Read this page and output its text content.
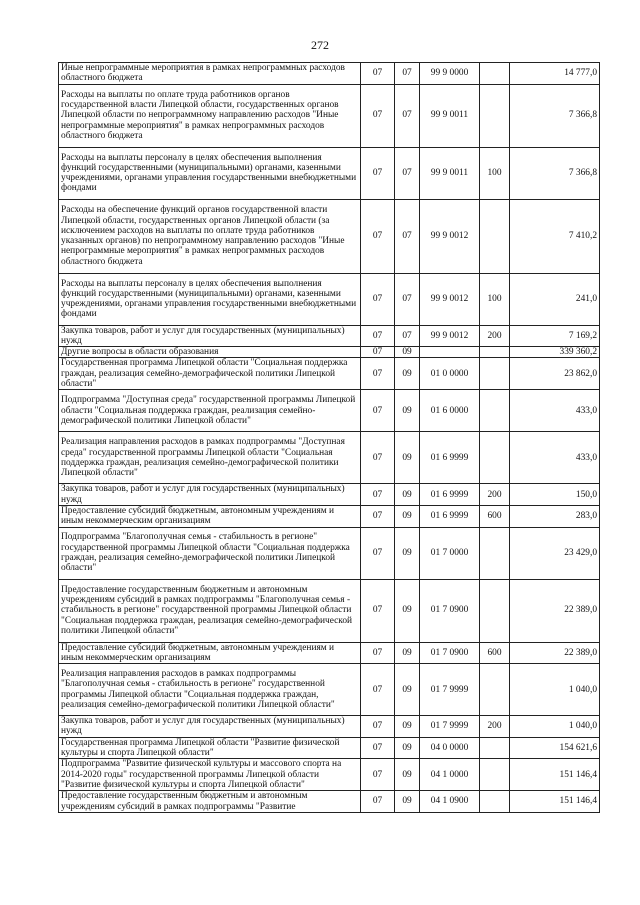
272
Иные непрограммные мероприятия в рамках непрограммных расходов областного бюджета	07	07	99 9 0000		14 777,0
Расходы на выплаты по оплате труда работников органов государственной власти Липецкой области, государственных органов Липецкой области по непрограммному направлению расходов "Иные непрограммные мероприятия" в рамках непрограммных расходов областного бюджета	07	07	99 9 0011		7 366,8
Расходы на выплаты персоналу в целях обеспечения выполнения функций государственными (муниципальными) органами, казенными учреждениями, органами управления государственными внебюджетными фондами	07	07	99 9 0011	100	7 366,8
Расходы на обеспечение функций органов государственной власти Липецкой области, государственных органов Липецкой области (за исключением расходов на выплаты по оплате труда работников указанных органов) по непрограммному направлению расходов "Иные непрограммные мероприятия" в рамках непрограммных расходов областного бюджета	07	07	99 9 0012		7 410,2
Расходы на выплаты персоналу в целях обеспечения выполнения функций государственными (муниципальными) органами, казенными учреждениями, органами управления государственными внебюджетными фондами	07	07	99 9 0012	100	241,0
Закупка товаров, работ и услуг для государственных (муниципальных) нужд	07	07	99 9 0012	200	7 169,2
Другие вопросы в области образования	07	09			339 360,2
Государственная программа Липецкой области "Социальная поддержка граждан, реализация семейно-демографической политики Липецкой области"	07	09	01 0 0000		23 862,0
Подпрограмма "Доступная среда" государственной программы Липецкой области "Социальная поддержка граждан, реализация семейно-демографической политики Липецкой области"	07	09	01 6 0000		433,0
Реализация направления расходов в рамках подпрограммы "Доступная среда" государственной программы Липецкой области "Социальная поддержка граждан, реализация семейно-демографической политики Липецкой области"	07	09	01 6 9999		433,0
Закупка товаров, работ и услуг для государственных (муниципальных) нужд	07	09	01 6 9999	200	150,0
Предоставление субсидий бюджетным, автономным учреждениям и иным некоммерческим организациям	07	09	01 6 9999	600	283,0
Подпрограмма "Благополучная семья - стабильность в регионе" государственной программы Липецкой области "Социальная поддержка граждан, реализация семейно-демографической политики Липецкой области"	07	09	01 7 0000		23 429,0
Предоставление государственным бюджетным и автономным учреждениям субсидий в рамках подпрограммы "Благополучная семья - стабильность в регионе" государственной программы Липецкой области "Социальная поддержка граждан, реализация семейно-демографической политики Липецкой области"	07	09	01 7 0900		22 389,0
Предоставление субсидий бюджетным, автономным учреждениям и иным некоммерческим организациям	07	09	01 7 0900	600	22 389,0
Реализация направления расходов в рамках подпрограммы "Благополучная семья - стабильность в регионе" государственной программы Липецкой области "Социальная поддержка граждан, реализация семейно-демографической политики Липецкой области"	07	09	01 7 9999		1 040,0
Закупка товаров, работ и услуг для государственных (муниципальных) нужд	07	09	01 7 9999	200	1 040,0
Государственная программа Липецкой области "Развитие физической культуры и спорта Липецкой области"	07	09	04 0 0000		154 621,6
Подпрограмма "Развитие физической культуры и массового спорта на 2014-2020 годы" государственной программы Липецкой области "Развитие физической культуры и спорта Липецкой области"	07	09	04 1 0000		151 146,4
Предоставление государственным бюджетным и автономным учреждениям субсидий в рамках подпрограммы "Развитие	07	09	04 1 0900		151 146,4
